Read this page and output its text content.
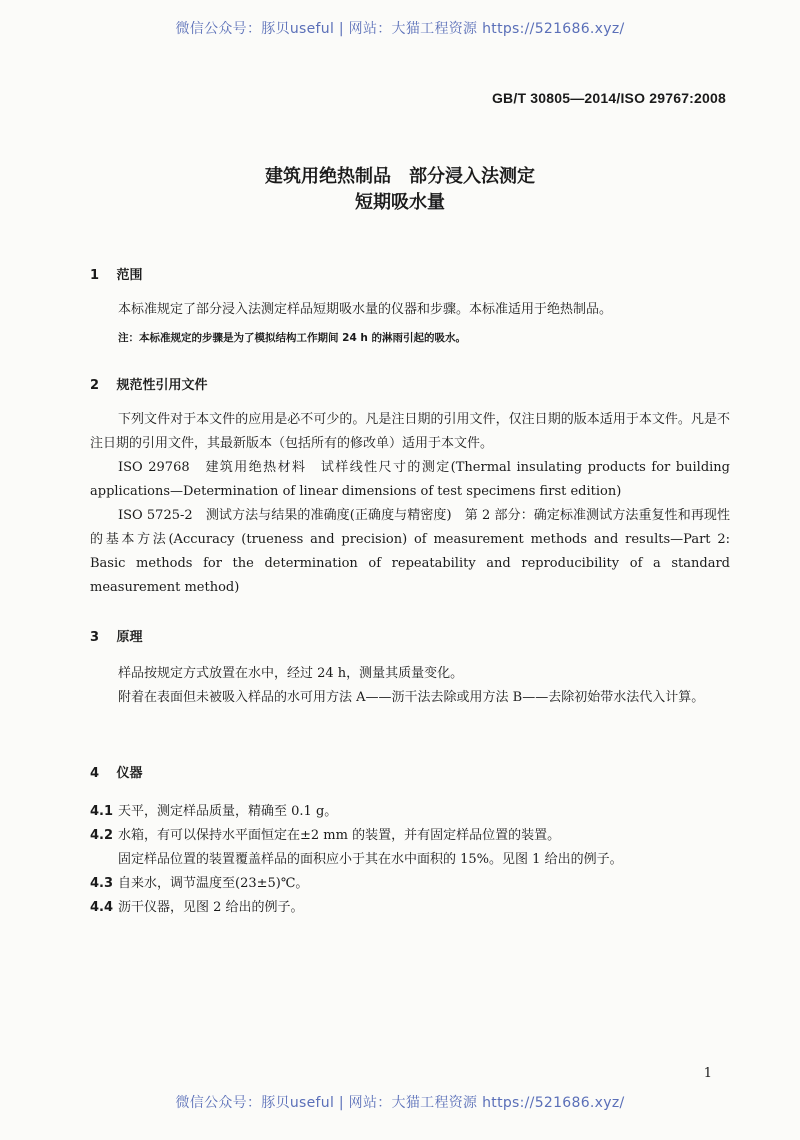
微信公众号：豚贝useful | 网站：大猫工程资源 https://521686.xyz/
GB/T 30805—2014/ISO 29767:2008
建筑用绝热制品　部分浸入法测定
短期吸水量
1 范围
本标准规定了部分浸入法测定样品短期吸水量的仪器和步骤。本标准适用于绝热制品。
注：本标准规定的步骤是为了模拟结构工作期间 24 h 的淋雨引起的吸水。
2 规范性引用文件
下列文件对于本文件的应用是必不可少的。凡是注日期的引用文件，仅注日期的版本适用于本文件。凡是不注日期的引用文件，其最新版本（包括所有的修改单）适用于本文件。
ISO 29768　建筑用绝热材料　试样线性尺寸的测定(Thermal insulating products for building applications—Determination of linear dimensions of test specimens first edition)
ISO 5725-2　测试方法与结果的准确度(正确度与精密度)　第 2 部分：确定标准测试方法重复性和再现性的基本方法(Accuracy (trueness and precision) of measurement methods and results—Part 2: Basic methods for the determination of repeatability and reproducibility of a standard measurement method)
3 原理
样品按规定方式放置在水中，经过 24 h，测量其质量变化。
附着在表面但未被吸入样品的水可用方法 A——沥干法去除或用方法 B——去除初始带水法代入计算。
4 仪器
4.1 天平，测定样品质量，精确至 0.1 g。
4.2 水箱，有可以保持水平面恒定在±2 mm 的装置，并有固定样品位置的装置。
固定样品位置的装置覆盖样品的面积应小于其在水中面积的 15%。见图 1 给出的例子。
4.3 自来水，调节温度至(23±5)℃。
4.4 沥干仪器，见图 2 给出的例子。
1
微信公众号：豚贝useful | 网站：大猫工程资源 https://521686.xyz/
